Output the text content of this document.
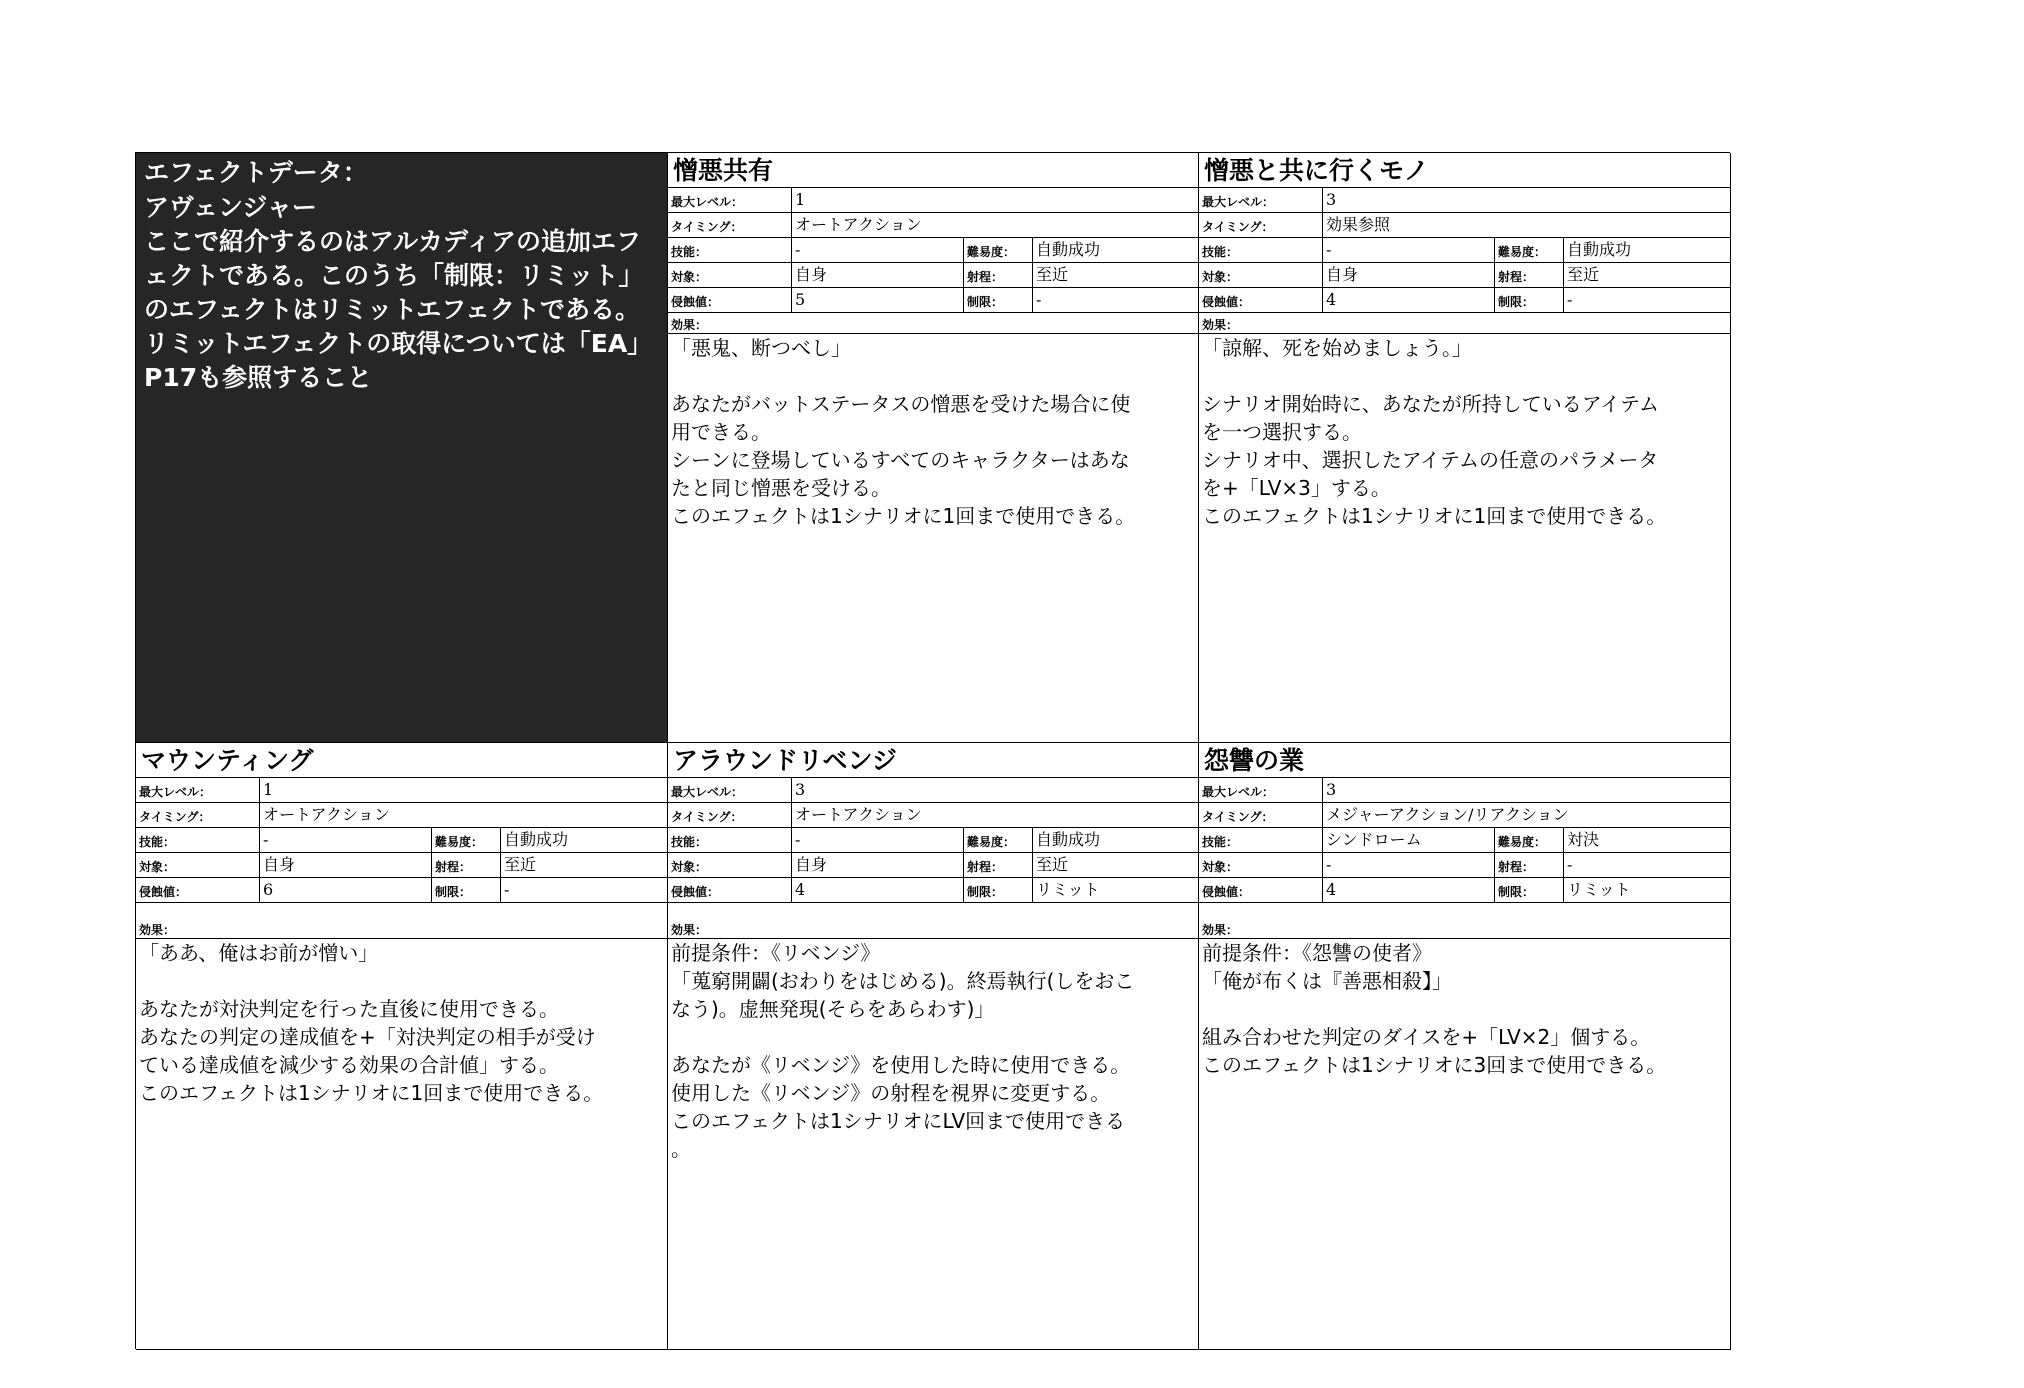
エフェクトデータ：
アヴェンジャー
ここで紹介するのはアルカディアの追加エフェクトである。このうち「制限：リミット」のエフェクトはリミットエフェクトである。リミットエフェクトの取得については「EA」P17も参照すること
憎悪共有
最大レベル：	1
タイミング：	オートアクション
技能：	-	難易度：	自動成功
対象：	自身	射程：	至近
侵蝕値：	5	制限：	-
効果：
「悪鬼、断つべし」
あなたがバットステータスの憎悪を受けた場合に使
用できる。
シーンに登場しているすべてのキャラクターはあな
たと同じ憎悪を受ける。
このエフェクトは1シナリオに1回まで使用できる。
憎悪と共に行くモノ
最大レベル：	3
タイミング：	効果参照
技能：	-	難易度：	自動成功
対象：	自身	射程：	至近
侵蝕値：	4	制限：	-
効果：
「諒解、死を始めましょう。」
シナリオ開始時に、あなたが所持しているアイテム
を一つ選択する。
シナリオ中、選択したアイテムの任意のパラメータ
を+「LV×3」する。
このエフェクトは1シナリオに1回まで使用できる。
マウンティング
最大レベル：	1
タイミング：	オートアクション
技能：	-	難易度：	自動成功
対象：	自身	射程：	至近
侵蝕値：	6	制限：	-
効果：
「ああ、俺はお前が憎い」
あなたが対決判定を行った直後に使用できる。
あなたの判定の達成値を+「対決判定の相手が受け
ている達成値を減少する効果の合計値」する。
このエフェクトは1シナリオに1回まで使用できる。
アラウンドリベンジ
最大レベル：	3
タイミング：	オートアクション
技能：	-	難易度：	自動成功
対象：	自身	射程：	至近
侵蝕値：	4	制限：	リミット
効果：
前提条件：《リベンジ》
「蒐窮開闢(おわりをはじめる)。終焉執行(しをおこ
なう)。虚無発現(そらをあらわす)」
あなたが《リベンジ》を使用した時に使用できる。
使用した《リベンジ》の射程を視界に変更する。
このエフェクトは1シナリオにLV回まで使用できる
。
怨讐の業
最大レベル：	3
タイミング：	メジャーアクション/リアクション
技能：	シンドローム	難易度：	対決
対象：	-	射程：	-
侵蝕値：	4	制限：	リミット
効果：
前提条件：《怨讐の使者》
「俺が布くは『善悪相殺】」
組み合わせた判定のダイスを+「LV×2」個する。
このエフェクトは1シナリオに3回まで使用できる。
